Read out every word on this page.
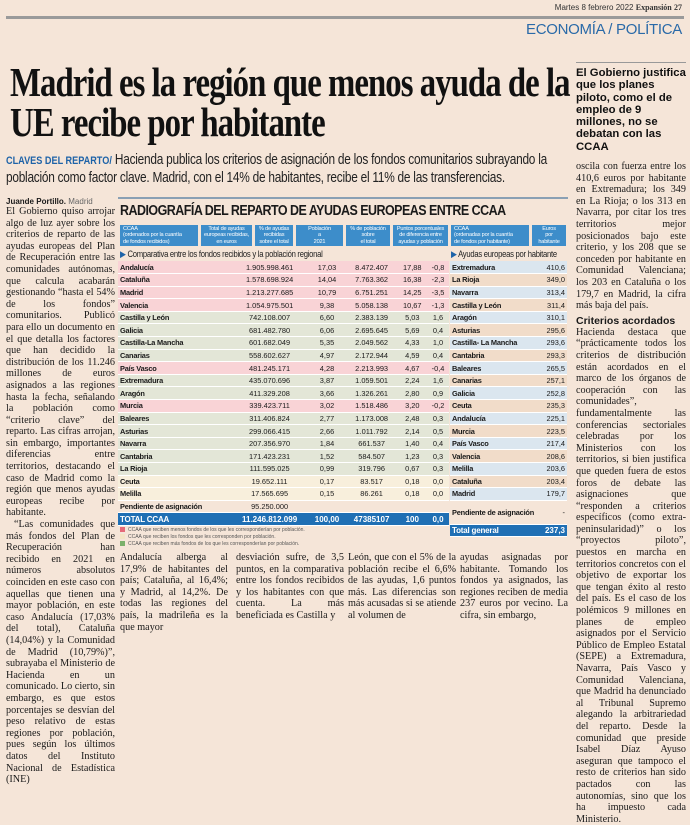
Martes 8 febrero 2022 Expansión 27
ECONOMÍA / POLÍTICA
Madrid es la región que menos ayuda de la UE recibe por habitante
CLAVES DEL REPARTO/ Hacienda publica los criterios de asignación de los fondos comunitarios subrayando la población como factor clave. Madrid, con el 14% de habitantes, recibe el 11% de las transferencias.
El Gobierno justifica que los planes piloto, como el de empleo de 9 millones, no se debatan con las CCAA

oscila con fuerza entre los 410,6 euros por habitante en Extremadura; los 349 en La Rioja; o los 313 en Navarra, por citar los tres territorios mejor posicionados bajo este criterio, y los 208 que se conceden por habitante en Comunidad Valenciana; los 203 en Cataluña o los 179,7 en Madrid, la cifra más baja del país.

Criterios acordados

Hacienda destaca que “prácticamente todos los criterios de distribución están acordados en el marco de los órganos de cooperación con las comunidades”, fundamentalmente las conferencias sectoriales celebradas por los Ministerios con los territorios, si bien justifica que queden fuera de estos foros de debate las asignaciones que “responden a criterios específicos (como extra-peninsularidad)” o los “proyectos piloto”, puestos en marcha en territorios concretos con el objetivo de exportar los que tengan éxito al resto del país. Es el caso de los polémicos 9 millones en planes de empleo asignados por el Servicio Público de Empleo Estatal (SEPE) a Extremadura, Navarra, País Vasco y Comunidad Valenciana, que Madrid ha denunciado al Tribunal Supremo alegando la arbitrariedad del reparto. Desde la comunidad que preside Isabel Díaz Ayuso aseguran que tampoco el resto de criterios han sido pactados con las autonomías, sino que los ha impuesto cada Ministerio.

Juande Portillo. Madrid

El Gobierno quiso arrojar algo de luz ayer sobre los criterios de reparto de las ayudas europeas del Plan de Recuperación entre las comunidades autónomas, que calcula acabarán gestionando “hasta el 54% de los fondos” comunitarios. Publicó para ello un documento en el que detalla los factores que han decidido la distribución de los 11.246 millones de euros asignados a las regiones hasta la fecha, señalando la población como “criterio clave” del reparto. Las cifras arrojan, sin embargo, importantes diferencias entre territorios, destacando el caso de Madrid como la región que menos ayudas europeas recibe por habitante.

“Las comunidades que más fondos del Plan de Recuperación han recibido en 2021 en números absolutos coinciden en este caso con aquellas que tienen una mayor población, en este caso Andalucía (17,03% del total), Cataluña (14,04%) y la Comunidad de Madrid (10,79%)”, subrayaba el Ministerio de Hacienda en un comunicado. Lo cierto, sin embargo, es que estos porcentajes se desvían del peso relativo de estas regiones por población, pues según los últimos datos del Instituto Nacional de Estadística (INE)

RADIOGRAFÍA DEL REPARTO DE AYUDAS EUROPEAS ENTRE CCAA
CCAA
(ordenados por la cuantía
de fondos recibidos)
Total de ayudas
europeas recibidas,
en euros
% de ayudas
recibidas
sobre el total
Población
a
2021
% de población
sobre
el total
Puntos porcentuales
de diferencia entre
ayudas y población
CCAA
(ordenadas por la cuantía
de fondos por habitante)
Euros
por
habitante
▶ Comparativa entre los fondos recibidos y la población regional	▶ Ayudas europeas por habitante
Andalucía	1.905.998.461	17,03	8.472.407	17,88	-0,8
Cataluña	1.578.698.924	14,04	7.763.362	16,38	-2,3
Madrid	1.213.277.685	10,79	6.751.251	14,25	-3,5
Valencia	1.054.975.501	9,38	5.058.138	10,67	-1,3
Castilla y León	742.108.007	6,60	2.383.139	5,03	1,6
Galicia	681.482.780	6,06	2.695.645	5,69	0,4
Castilla-La Mancha	601.682.049	5,35	2.049.562	4,33	1,0
Canarias	558.602.627	4,97	2.172.944	4,59	0,4
País Vasco	481.245.171	4,28	2.213.993	4,67	-0,4
Extremadura	435.070.696	3,87	1.059.501	2,24	1,6
Aragón	411.329.208	3,66	1.326.261	2,80	0,9
Murcia	339.423.711	3,02	1.518.486	3,20	-0,2
Baleares	311.406.824	2,77	1.173.008	2,48	0,3
Asturias	299.066.415	2,66	1.011.792	2,14	0,5
Navarra	207.356.970	1,84	661.537	1,40	0,4
Cantabria	171.423.231	1,52	584.507	1,23	0,3
La Rioja	111.595.025	0,99	319.796	0,67	0,3
Ceuta	19.652.111	0,17	83.517	0,18	0,0
Melilla	17.565.695	0,15	86.261	0,18	0,0
Pendiente de asignación	95.250.000				
TOTAL CCAA	11.246.812.099	100,00	47385107	100	0,0
Extremadura	410,6
La Rioja	349,0
Navarra	313,4
Castilla y León	311,4
Aragón	310,1
Asturias	295,6
Castilla- La Mancha	293,6
Cantabria	293,3
Baleares	265,5
Canarias	257,1
Galicia	252,8
Ceuta	235,3
Andalucía	225,1
Murcia	223,5
País Vasco	217,4
Valencia	208,6
Melilla	203,6
Cataluña	203,4
Madrid	179,7
Pendiente de asignación	-
Total general	237,3
CCAA que reciben menos fondos de los que les corresponderían por población.
CCAA que reciben los fondos que les corresponden por población.
CCAA que reciben más fondos de los que les corresponderían por población.

Andalucía alberga al 17,9% de habitantes del país; Cataluña, al 16,4%; y Madrid, al 14,2%. De todas las regiones del país, la madrileña es la que mayor

desviación sufre, de 3,5 puntos, en la comparativa entre los fondos recibidos y los habitantes con que cuenta. La más beneficiada es Castilla y

León, que con el 5% de la población recibe el 6,6% de las ayudas, 1,6 puntos más. Las diferencias son más acusadas si se atiende al volumen de

ayudas asignadas por habitante. Tomando los fondos ya asignados, las regiones reciben de media 237 euros por vecino. La cifra, sin embargo,
